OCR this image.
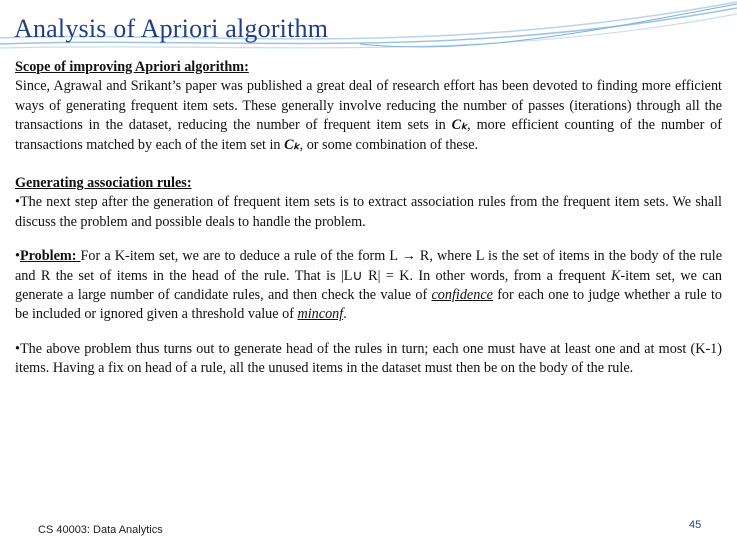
Analysis of Apriori algorithm
Scope of improving Apriori algorithm:
Since, Agrawal and Srikant’s paper was published a great deal of research effort has been devoted to finding more efficient ways of generating frequent item sets. These generally involve reducing the number of passes (iterations) through all the transactions in the dataset, reducing the number of frequent item sets in Cₖ, more efficient counting of the number of transactions matched by each of the item set in Cₖ, or some combination of these.
Generating association rules:
•The next step after the generation of frequent item sets is to extract association rules from the frequent item sets. We shall discuss the problem and possible deals to handle the problem.
•Problem: For a K-item set, we are to deduce a rule of the form L → R, where L is the set of items in the body of the rule and R the set of items in the head of the rule. That is |L∪ R| = K. In other words, from a frequent K-item set, we can generate a large number of candidate rules, and then check the value of confidence for each one to judge whether a rule to be included or ignored given a threshold value of minconf.
•The above problem thus turns out to generate head of the rules in turn; each one must have at least one and at most (K-1) items. Having a fix on head of a rule, all the unused items in the dataset must then be on the body of the rule.
CS 40003: Data Analytics	45
